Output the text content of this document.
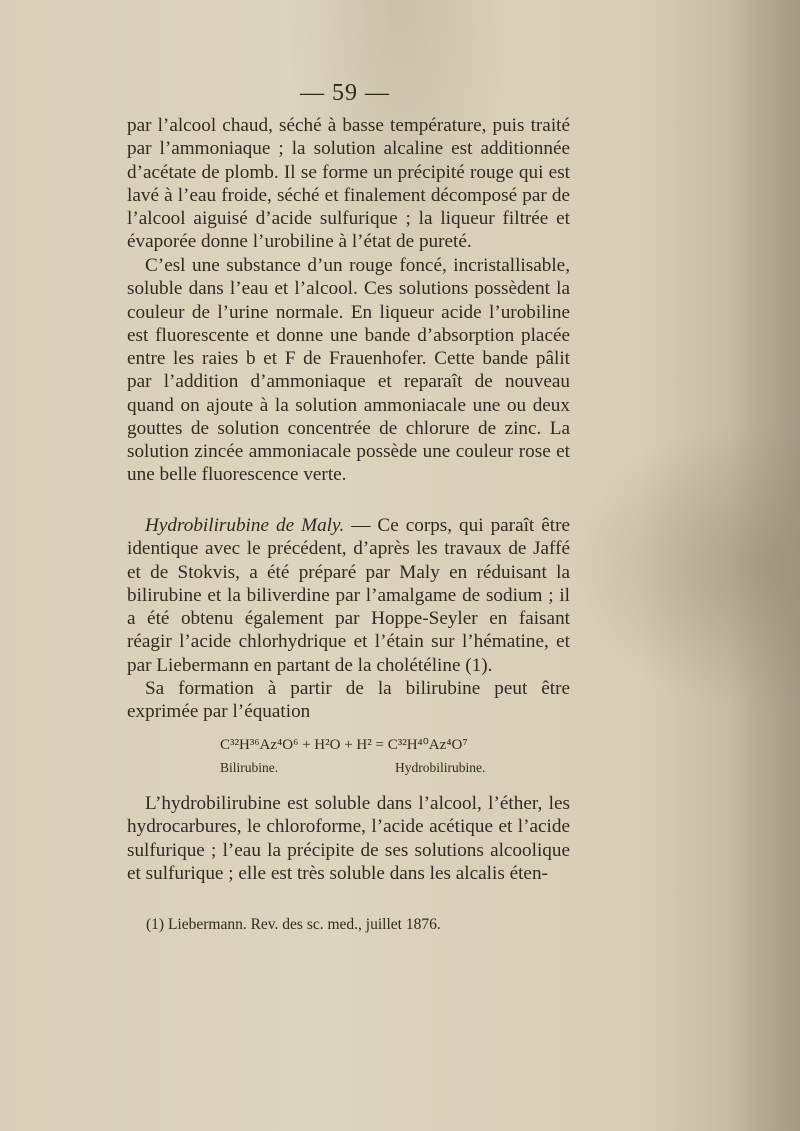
— 59 —

par l’alcool chaud, séché à basse température, puis traité par l’ammoniaque ; la solution alcaline est additionnée d’acétate de plomb. Il se forme un précipité rouge qui est lavé à l’eau froide, séché et finalement décomposé par de l’alcool aiguisé d’acide sulfurique ; la liqueur filtrée et évaporée donne l’urobiline à l’état de pureté.

C’esl une substance d’un rouge foncé, incristallisable, soluble dans l’eau et l’alcool. Ces solutions possèdent la couleur de l’urine normale. En liqueur acide l’urobiline est fluorescente et donne une bande d’absorption placée entre les raies b et F de Frauenhofer. Cette bande pâlit par l’addition d’ammoniaque et reparaît de nouveau quand on ajoute à la solution ammoniacale une ou deux gouttes de solution concentrée de chlorure de zinc. La solution zincée ammoniacale possède une couleur rose et une belle fluorescence verte.

Hydrobilirubine de Maly. — Ce corps, qui paraît être identique avec le précédent, d’après les travaux de Jaffé et de Stokvis, a été préparé par Maly en réduisant la bilirubine et la biliverdine par l’amalgame de sodium ; il a été obtenu également par Hoppe-Seyler en faisant réagir l’acide chlorhydrique et l’étain sur l’hématine, et par Liebermann en partant de la cholétéline (1).

Sa formation à partir de la bilirubine peut être exprimée par l’équation

C³²H³⁶Az⁴O⁶ + H²O + H² = C³²H⁴⁰Az⁴O⁷
Bilirubine.	Hydrobilirubine.

L’hydrobilirubine est soluble dans l’alcool, l’éther, les hydrocarbures, le chloroforme, l’acide acétique et l’acide sulfurique ; l’eau la précipite de ses solutions alcoolique et sulfurique ; elle est très soluble dans les alcalis éten-

(1) Liebermann. Rev. des sc. med., juillet 1876.
